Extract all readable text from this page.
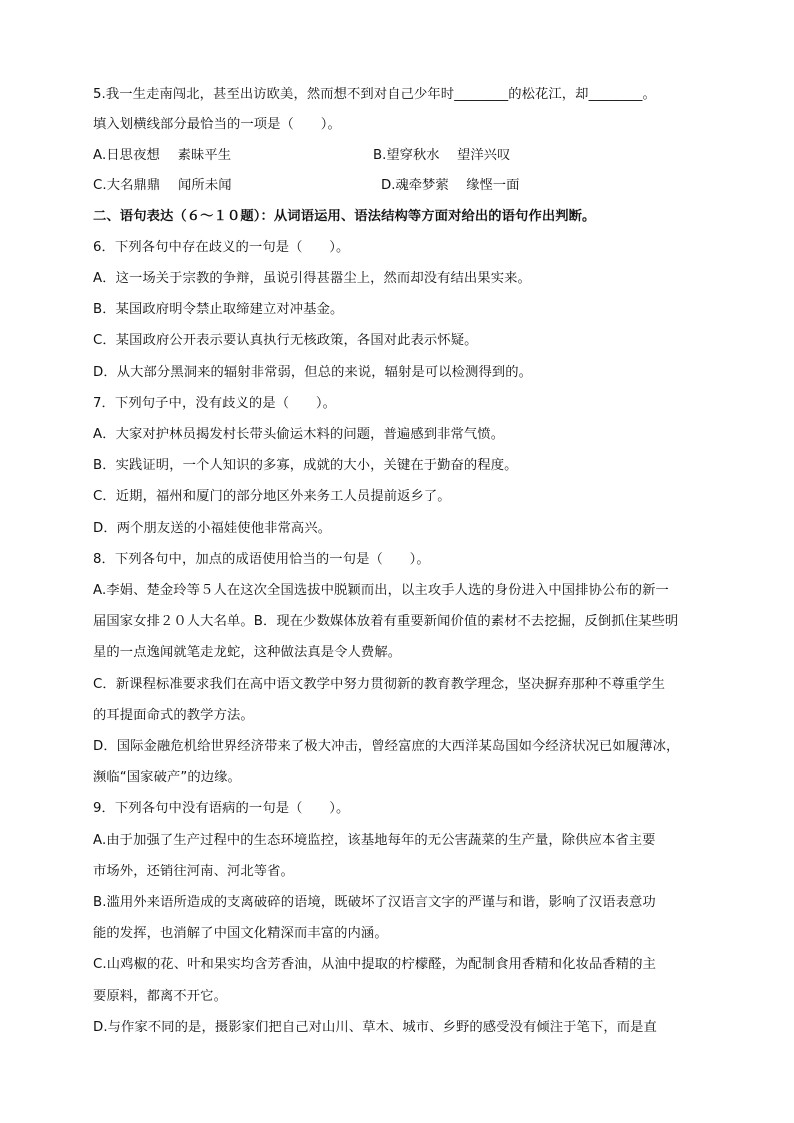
5.我一生走南闯北，甚至出访欧美，然而想不到对自己少年时________的松花江，却________。
填入划横线部分最恰当的一项是（　　）。
A.日思夜想　 素昧平生	B.望穿秋水　 望洋兴叹
C.大名鼎鼎　 闻所未闻	D.魂牵梦萦　 缘悭一面
二、语句表达（６～１０题）：从词语运用、语法结构等方面对给出的语句作出判断。
6．下列各句中存在歧义的一句是（　　）。
A．这一场关于宗教的争辩，虽说引得甚嚣尘上，然而却没有结出果实来。
B．某国政府明令禁止取缔建立对冲基金。
C．某国政府公开表示要认真执行无核政策，各国对此表示怀疑。
D．从大部分黑洞来的辐射非常弱，但总的来说，辐射是可以检测得到的。
7．下列句子中，没有歧义的是（　　）。
A．大家对护林员揭发村长带头偷运木料的问题，普遍感到非常气愤。
B．实践证明，一个人知识的多寡，成就的大小，关键在于勤奋的程度。
C．近期，福州和厦门的部分地区外来务工人员提前返乡了。
D．两个朋友送的小福娃使他非常高兴。
8．下列各句中，加点的成语使用恰当的一句是（　　）。
A.李娟、楚金玲等５人在这次全国选拔中脱颖而出，以主攻手人选的身份进入中国排协公布的新一
届国家女排２０人大名单。B．现在少数媒体放着有重要新闻价值的素材不去挖掘，反倒抓住某些明
星的一点逸闻就笔走龙蛇，这种做法真是令人费解。
C．新课程标准要求我们在高中语文教学中努力贯彻新的教育教学理念，坚决摒弃那种不尊重学生
的耳提面命式的教学方法。
D．国际金融危机给世界经济带来了极大冲击，曾经富庶的大西洋某岛国如今经济状况已如履薄冰，
濒临“国家破产”的边缘。
9．下列各句中没有语病的一句是（　　）。
A.由于加强了生产过程中的生态环境监控，该基地每年的无公害蔬菜的生产量，除供应本省主要
市场外，还销往河南、河北等省。
B.滥用外来语所造成的支离破碎的语境，既破坏了汉语言文字的严谨与和谐，影响了汉语表意功
能的发挥，也消解了中国文化精深而丰富的内涵。
C.山鸡椒的花、叶和果实均含芳香油，从油中提取的柠檬醛，为配制食用香精和化妆品香精的主
要原料，都离不开它。
D.与作家不同的是，摄影家们把自己对山川、草木、城市、乡野的感受没有倾注于笔下，而是直
